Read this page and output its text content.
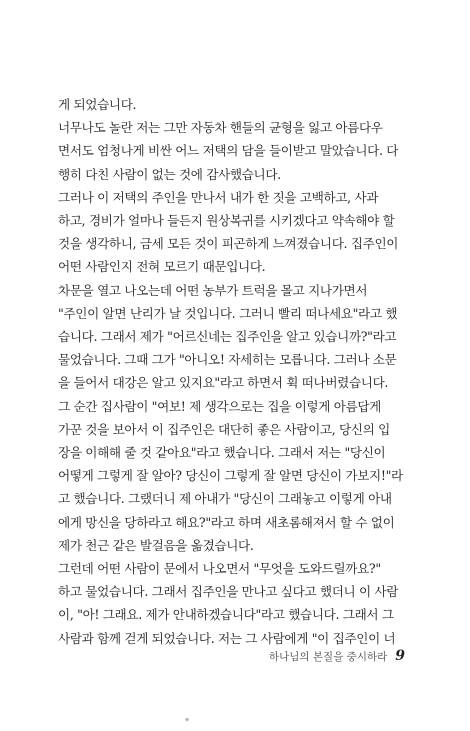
게 되었습니다.

너무나도 놀란 저는 그만 자동차 핸들의 균형을 잃고 아름다우

면서도 엄청나게 비싼 어느 저택의 담을 들이받고 말았습니다. 다

행히 다친 사람이 없는 것에 감사했습니다.

그러나 이 저택의 주인을 만나서 내가 한 짓을 고백하고, 사과

하고, 경비가 얼마나 들든지 원상복귀를 시키겠다고 약속해야 할

것을 생각하니, 금세 모든 것이 피곤하게 느껴졌습니다. 집주인이

어떤 사람인지 전혀 모르기 때문입니다.

차문을 열고 나오는데 어떤 농부가 트럭을 몰고 지나가면서

"주인이 알면 난리가 날 것입니다. 그러니 빨리 떠나세요"라고 했

습니다. 그래서 제가 "어르신네는 집주인을 알고 있습니까?"라고

물었습니다. 그때 그가 "아니오! 자세히는 모릅니다. 그러나 소문

을 들어서 대강은 알고 있지요"라고 하면서 휙 떠나버렸습니다.

그 순간 집사람이 "여보! 제 생각으로는 집을 이렇게 아름답게

가꾼 것을 보아서 이 집주인은 대단히 좋은 사람이고, 당신의 입

장을 이해해 줄 것 같아요"라고 했습니다. 그래서 저는 "당신이

어떻게 그렇게 잘 알아? 당신이 그렇게 잘 알면 당신이 가보지!"라

고 했습니다. 그랬더니 제 아내가 "당신이 그래놓고 이렇게 아내

에게 망신을 당하라고 해요?"라고 하며 새초롬해져서 할 수 없이

제가 천근 같은 발걸음을 옮겼습니다.

그런데 어떤 사람이 문에서 나오면서 "무엇을 도와드릴까요?"

하고 물었습니다. 그래서 집주인을 만나고 싶다고 했더니 이 사람

이, "아! 그래요. 제가 안내하겠습니다"라고 했습니다. 그래서 그

사람과 함께 걷게 되었습니다. 저는 그 사람에게 "이 집주인이 너

하나님의 본질을 중시하라 9
